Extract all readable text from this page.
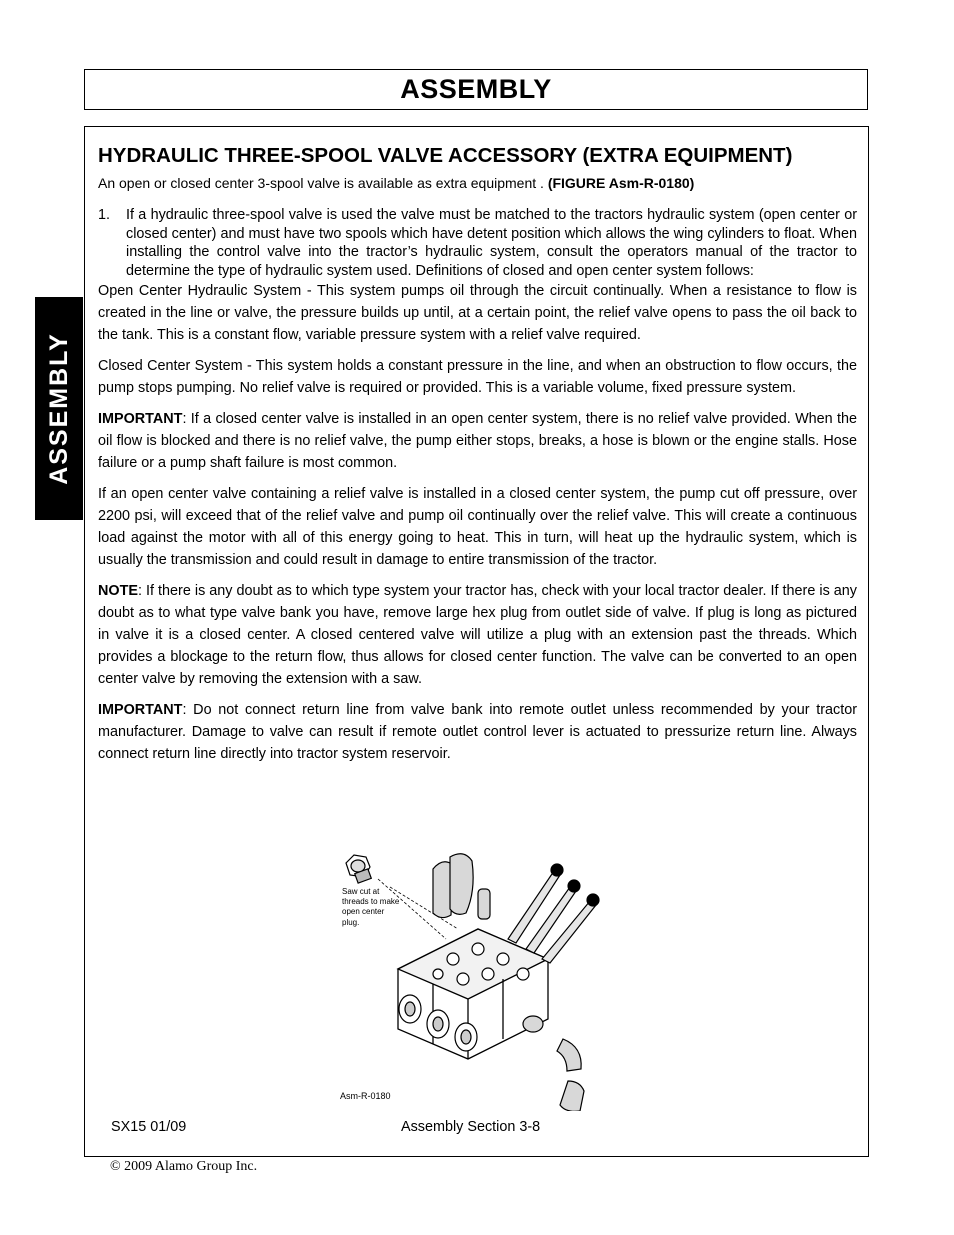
ASSEMBLY
ASSEMBLY
HYDRAULIC THREE-SPOOL VALVE ACCESSORY (EXTRA EQUIPMENT)

An open or closed center 3-spool valve is available as extra equipment . (FIGURE Asm-R-0180)

1.	If a hydraulic three-spool valve is used the valve must be matched to the tractors hydraulic system (open center or closed center) and must have two spools which have detent position which allows the wing cylinders to float. When installing the control valve into the tractor’s hydraulic system, consult the operators manual of the tractor to determine the type of hydraulic system used. Definitions of closed and open center system follows:

Open Center Hydraulic System - This system pumps oil through the circuit continually. When a resistance to flow is created in the line or valve, the pressure builds up until, at a certain point, the relief valve opens to pass the oil back to the tank. This is a constant flow, variable pressure system with a relief valve required.

Closed Center System - This system holds a constant pressure in the line, and when an obstruction to flow occurs, the pump stops pumping. No relief valve is required or provided. This is a variable volume, fixed pressure system.

IMPORTANT: If a closed center valve is installed in an open center system, there is no relief valve provided. When the oil flow is blocked and there is no relief valve, the pump either stops, breaks, a hose is blown or the engine stalls. Hose failure or a pump shaft failure is most common.

If an open center valve containing a relief valve is installed in a closed center system, the pump cut off pressure, over 2200 psi, will exceed that of the relief valve and pump oil continually over the relief valve. This will create a continuous load against the motor with all of this energy going to heat. This in turn, will heat up the hydraulic system, which is usually the transmission and could result in damage to entire transmission of the tractor.

NOTE: If there is any doubt as to which type system your tractor has, check with your local tractor dealer. If there is any doubt as to what type valve bank you have, remove large hex plug from outlet side of valve. If plug is long as pictured in valve it is a closed center. A closed centered valve will utilize a plug with an extension past the threads. Which provides a blockage to the return flow, thus allows for closed center function. The valve can be converted to an open center valve by removing the extension with a saw.

IMPORTANT: Do not connect return line from valve bank into remote outlet unless recommended by your tractor manufacturer. Damage to valve can result if remote outlet control lever is actuated to pressurize return line. Always connect return line directly into tractor system reservoir.

Saw cut at threads to make open center plug.
Asm-R-0180
SX15 01/09	Assembly Section 3-8
© 2009 Alamo Group Inc.
